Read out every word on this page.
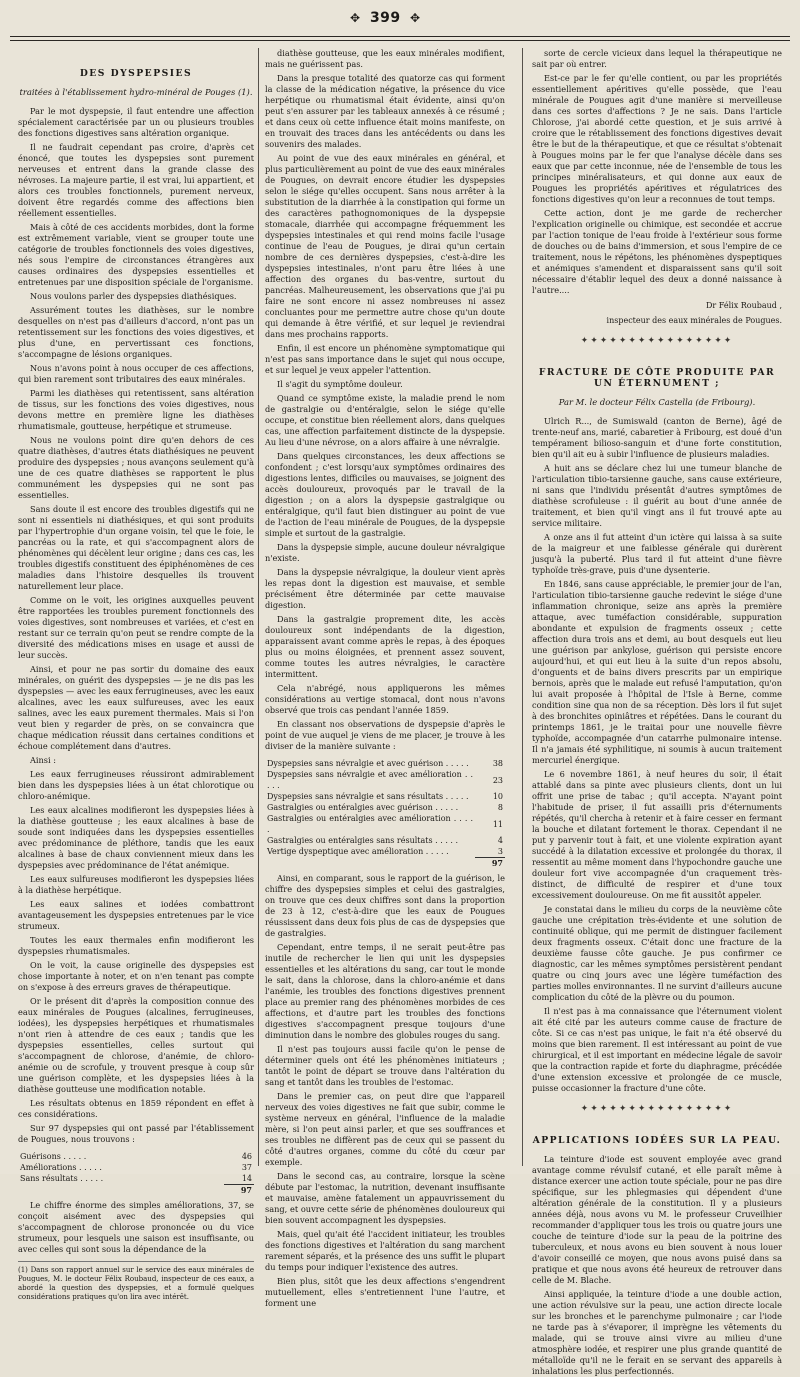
✥ 399 ✥
DES DYSPEPSIES
traitées à l'établissement hydro-minéral de Pouges (1).

Par le mot dyspepsie, il faut entendre une affection spécialement caractérisée par un ou plusieurs troubles des fonctions digestives sans altération organique.

Il ne faudrait cependant pas croire, d'après cet énoncé, que toutes les dyspepsies sont purement nerveuses et entrent dans la grande classe des névroses. La majeure partie, il est vrai, lui appartient, et alors ces troubles fonctionnels, purement nerveux, doivent être regardés comme des affections bien réellement essentielles.

Mais à côté de ces accidents morbides, dont la forme est extrêmement variable, vient se grouper toute une catégorie de troubles fonctionnels des voies digestives, nés sous l'empire de circonstances étrangères aux causes ordinaires des dyspepsies essentielles et entretenues par une disposition spéciale de l'organisme.

Nous voulons parler des dyspepsies diathésiques.

Assurément toutes les diathèses, sur le nombre desquelles on n'est pas d'ailleurs d'accord, n'ont pas un retentissement sur les fonctions des voies digestives, et plus d'une, en pervertissant ces fonctions, s'accompagne de lésions organiques.

Nous n'avons point à nous occuper de ces affections, qui bien rarement sont tributaires des eaux minérales.

Parmi les diathèses qui retentissent, sans altération de tissus, sur les fonctions des voies digestives, nous devons mettre en première ligne les diathèses rhumatismale, goutteuse, herpétique et strumeuse.

Nous ne voulons point dire qu'en dehors de ces quatre diathèses, d'autres états diathésiques ne peuvent produire des dyspepsies ; nous avançons seulement qu'à une de ces quatre diathèses se rapportent le plus communément les dyspepsies qui ne sont pas essentielles.

Sans doute il est encore des troubles digestifs qui ne sont ni essentiels ni diathésiques, et qui sont produits par l'hypertrophie d'un organe voisin, tel que le foie, le pancréas ou la rate, et qui s'accompagnent alors de phénomènes qui décèlent leur origine ; dans ces cas, les troubles digestifs constituent des épiphénomènes de ces maladies dans l'histoire desquelles ils trouvent naturellement leur place.

Comme on le voit, les origines auxquelles peuvent être rapportées les troubles purement fonctionnels des voies digestives, sont nombreuses et variées, et c'est en restant sur ce terrain qu'on peut se rendre compte de la diversité des médications mises en usage et aussi de leur succès.

Ainsi, et pour ne pas sortir du domaine des eaux minérales, on guérit des dyspepsies — je ne dis pas les dyspepsies — avec les eaux ferrugineuses, avec les eaux alcalines, avec les eaux sulfureuses, avec les eaux salines, avec les eaux purement thermales. Mais si l'on veut bien y regarder de près, on se convaincra que chaque médication réussit dans certaines conditions et échoue complétement dans d'autres.

Ainsi :

Les eaux ferrugineuses réussiront admirablement bien dans les dyspepsies liées à un état chlorotique ou chloro-anémique.

Les eaux alcalines modifieront les dyspepsies liées à la diathèse goutteuse ; les eaux alcalines à base de soude sont indiquées dans les dyspepsies essentielles avec prédominance de pléthore, tandis que les eaux alcalines à base de chaux conviennent mieux dans les dyspepsies avec prédominance de l'état anémique.

Les eaux sulfureuses modifieront les dyspepsies liées à la diathèse herpétique.

Les eaux salines et iodées combattront avantageusement les dyspepsies entretenues par le vice strumeux.

Toutes les eaux thermales enfin modifieront les dyspepsies rhumatismales.

On le voit, la cause originelle des dyspepsies est chose importante à noter, et on n'en tenant pas compte on s'expose à des erreurs graves de thérapeutique.

Or le présent dit d'après la composition connue des eaux minérales de Pougues (alcalines, ferrugineuses, iodées), les dyspepsies herpétiques et rhumatismales n'ont rien à attendre de ces eaux ; tandis que les dyspepsies essentielles, celles surtout qui s'accompagnent de chlorose, d'anémie, de chloro-anémie ou de scrofule, y trouvent presque à coup sûr une guérison complète, et les dyspepsies liées à la diathèse goutteuse une modification notable.

Les résultats obtenus en 1859 répondent en effet à ces considérations.

Sur 97 dyspepsies qui ont passé par l'établissement de Pougues, nous trouvons :

Guérisons . . . . .	46
Améliorations . . . . .	37
Sans résultats . . . . .	14
	97

Le chiffre énorme des simples améliorations, 37, se conçoit aisément avec des dyspepsies qui s'accompagnent de chlorose prononcée ou du vice strumeux, pour lesquels une saison est insuffisante, ou avec celles qui sont sous la dépendance de la

(1) Dans son rapport annuel sur le service des eaux minérales de Pougues, M. le docteur Félix Roubaud, inspecteur de ces eaux, a abordé la question des dyspepsies, et a formulé quelques considérations pratiques qu'on lira avec intérêt.

diathèse goutteuse, que les eaux minérales modifient, mais ne guérissent pas.

Dans la presque totalité des quatorze cas qui forment la classe de la médication négative, la présence du vice herpétique ou rhumatismal était évidente, ainsi qu'on peut s'en assurer par les tableaux annexés à ce résumé ; et dans ceux où cette influence était moins manifeste, on en trouvait des traces dans les antécédents ou dans les souvenirs des malades.

Au point de vue des eaux minérales en général, et plus particulièrement au point de vue des eaux minérales de Pougues, on devrait encore étudier les dyspepsies selon le siége qu'elles occupent. Sans nous arrêter à la substitution de la diarrhée à la constipation qui forme un des caractères pathognomoniques de la dyspepsie stomacale, diarrhée qui accompagne fréquemment les dyspepsies intestinales et qui rend moins facile l'usage continue de l'eau de Pougues, je dirai qu'un certain nombre de ces dernières dyspepsies, c'est-à-dire les dyspepsies intestinales, n'ont paru être liées à une affection des organes du bas-ventre, surtout du pancréas. Malheureusement, les observations que j'ai pu faire ne sont encore ni assez nombreuses ni assez concluantes pour me permettre autre chose qu'un doute qui demande à être vérifié, et sur lequel je reviendrai dans mes prochains rapports.

Enfin, il est encore un phénomène symptomatique qui n'est pas sans importance dans le sujet qui nous occupe, et sur lequel je veux appeler l'attention.

Il s'agit du symptôme douleur.

Quand ce symptôme existe, la maladie prend le nom de gastralgie ou d'entéralgie, selon le siége qu'elle occupe, et constitue bien réellement alors, dans quelques cas, une affection parfaitement distincte de la dyspepsie. Au lieu d'une névrose, on a alors affaire à une névralgie.

Dans quelques circonstances, les deux affections se confondent ; c'est lorsqu'aux symptômes ordinaires des digestions lentes, difficiles ou mauvaises, se joignent des accès douloureux, provoqués par le travail de la digestion ; on a alors la dyspepsie gastralgique ou entéralgique, qu'il faut bien distinguer au point de vue de l'action de l'eau minérale de Pougues, de la dyspepsie simple et surtout de la gastralgie.

Dans la dyspepsie simple, aucune douleur névralgique n'existe.

Dans la dyspepsie névralgique, la douleur vient après les repas dont la digestion est mauvaise, et semble précisément être déterminée par cette mauvaise digestion.

Dans la gastralgie proprement dite, les accès douloureux sont indépendants de la digestion, apparaissent avant comme après le repas, à des époques plus ou moins éloignées, et prennent assez souvent, comme toutes les autres névralgies, le caractère intermittent.

Cela n'abrégé, nous appliquerons les mêmes considérations au vertige stomacal, dont nous n'avons observé que trois cas pendant l'année 1859.

En classant nos observations de dyspepsie d'après le point de vue auquel je viens de me placer, je trouve à les diviser de la manière suivante :

Dyspepsies sans névralgie et avec guérison . . . . .	38
Dyspepsies sans névralgie et avec amélioration . . . . .	23
Dyspepsies sans névralgie et sans résultats . . . . .	10
Gastralgies ou entéralgies avec guérison . . . . .	8
Gastralgies ou entéralgies avec amélioration . . . . .	11
Gastralgies ou entéralgies sans résultats . . . . .	4
Vertige dyspeptique avec amélioration . . . . .	3
	97

Ainsi, en comparant, sous le rapport de la guérison, le chiffre des dyspepsies simples et celui des gastralgies, on trouve que ces deux chiffres sont dans la proportion de 23 à 12, c'est-à-dire que les eaux de Pougues réussissent dans deux fois plus de cas de dyspepsies que de gastralgies.

Cependant, entre temps, il ne serait peut-être pas inutile de rechercher le lien qui unit les dyspepsies essentielles et les altérations du sang, car tout le monde le sait, dans la chlorose, dans la chloro-anémie et dans l'anémie, les troubles des fonctions digestives prennent place au premier rang des phénomènes morbides de ces affections, et d'autre part les troubles des fonctions digestives s'accompagnent presque toujours d'une diminution dans le nombre des globules rouges du sang.

Il n'est pas toujours aussi facile qu'on le pense de déterminer quels ont été les phénomènes initiateurs ; tantôt le point de départ se trouve dans l'altération du sang et tantôt dans les troubles de l'estomac.

Dans le premier cas, on peut dire que l'appareil nerveux des voies digestives ne fait que subir, comme le système nerveux en général, l'influence de la maladie mère, si l'on peut ainsi parler, et que ses souffrances et ses troubles ne diffèrent pas de ceux qui se passent du côté d'autres organes, comme du côté du cœur par exemple.

Dans le second cas, au contraire, lorsque la scène débute par l'estomac, la nutrition, devenant insuffisante et mauvaise, amène fatalement un appauvrissement du sang, et ouvre cette série de phénomènes douloureux qui bien souvent accompagnent les dyspepsies.

Mais, quel qu'ait été l'accident initiateur, les troubles des fonctions digestives et l'altération du sang marchent rarement séparés, et la présence des uns suffit le plupart du temps pour indiquer l'existence des autres.

Bien plus, sitôt que les deux affections s'engendrent mutuellement, elles s'entretiennent l'une l'autre, et forment une

sorte de cercle vicieux dans lequel la thérapeutique ne sait par où entrer.

Est-ce par le fer qu'elle contient, ou par les propriétés essentiellement apéritives qu'elle possède, que l'eau minérale de Pougues agit d'une manière si merveilleuse dans ces sortes d'affections ? Je ne sais. Dans l'article Chlorose, j'ai abordé cette question, et je suis arrivé à croire que le rétablissement des fonctions digestives devait être le but de la thérapeutique, et que ce résultat s'obtenait à Pougues moins par le fer que l'analyse décèle dans ses eaux que par cette inconnue, née de l'ensemble de tous les principes minéralisateurs, et qui donne aux eaux de Pougues les propriétés apéritives et régulatrices des fonctions digestives qu'on leur a reconnues de tout temps.

Cette action, dont je me garde de rechercher l'explication originelle ou chimique, est secondée et accrue par l'action tonique de l'eau froide à l'extérieur sous forme de douches ou de bains d'immersion, et sous l'empire de ce traitement, nous le répétons, les phénomènes dyspeptiques et anémiques s'amendent et disparaissent sans qu'il soit nécessaire d'établir lequel des deux a donné naissance à l'autre....

Dr Félix Roubaud ,
inspecteur des eaux minérales de Pougues.
✦✦✦✦✦✦✦✦✦✦✦✦✦✦✦✦
FRACTURE DE CÔTE PRODUITE PAR UN ÉTERNUMENT ;
Par M. le docteur Félix Castella (de Fribourg).

Ulrich R..., de Sumiswald (canton de Berne), âgé de trente-neuf ans, marié, cabaretier à Fribourg, est doué d'un tempérament bilioso-sanguin et d'une forte constitution, bien qu'il ait eu à subir l'influence de plusieurs maladies.

A huit ans se déclare chez lui une tumeur blanche de l'articulation tibio-tarsienne gauche, sans cause extérieure, ni sans que l'individu présentât d'autres symptômes de diathèse scrofuleuse : il guérit au bout d'une année de traitement, et bien qu'il vingt ans il fut trouvé apte au service militaire.

A onze ans il fut atteint d'un ictère qui laissa à sa suite de la maigreur et une faiblesse générale qui durèrent jusqu'à la puberté. Plus tard il fut atteint d'une fièvre typhoïde très-grave, puis d'une dysenterie.

En 1846, sans cause appréciable, le premier jour de l'an, l'articulation tibio-tarsienne gauche redevint le siége d'une inflammation chronique, seize ans après la première attaque, avec tuméfaction considérable, suppuration abondante et expulsion de fragments osseux ; cette affection dura trois ans et demi, au bout desquels eut lieu une guérison par ankylose, guérison qui persiste encore aujourd'hui, et qui eut lieu à la suite d'un repos absolu, d'onguents et de bains divers prescrits par un empirique bernois, après que le malade eut refusé l'amputation, qu'on lui avait proposée à l'hôpital de l'Isle à Berne, comme condition sine qua non de sa réception. Dès lors il fut sujet à des bronchites opiniâtres et répétées. Dans le courant du printemps 1861, je le traitai pour une nouvelle fièvre typhoïde, accompagnée d'un catarrhe pulmonaire intense. Il n'a jamais été syphilitique, ni soumis à aucun traitement mercuriel énergique.

Le 6 novembre 1861, à neuf heures du soir, il était attablé dans sa pinte avec plusieurs clients, dont un lui offrit une prise de tabac ; qu'il accepta. N'ayant point l'habitude de priser, il fut assailli pris d'éternuments répétés, qu'il chercha à retenir et à faire cesser en fermant la bouche et dilatant fortement le thorax. Cependant il ne put y parvenir tout à fait, et une violente expiration ayant succédé à la dilatation excessive et prolongée du thorax, il ressentit au même moment dans l'hypochondre gauche une douleur fort vive accompagnée d'un craquement très-distinct, de difficulté de respirer et d'une toux excessivement douloureuse. On me fit aussitôt appeler.

Je constatai dans le milieu du corps de la neuvième côte gauche une crépitation très-évidente et une solution de continuité oblique, qui me permit de distinguer facilement deux fragments osseux. C'était donc une fracture de la deuxième fausse côte gauche. Je pus confirmer ce diagnostic, car les mêmes symptômes persistèrent pendant quatre ou cinq jours avec une légère tuméfaction des parties molles environnantes. Il ne survint d'ailleurs aucune complication du côté de la plèvre ou du poumon.

Il n'est pas à ma connaissance que l'éternument violent ait été cité par les auteurs comme cause de fracture de côte. Si ce cas n'est pas unique, le fait n'a été observé du moins que bien rarement. Il est intéressant au point de vue chirurgical, et il est important en médecine légale de savoir que la contraction rapide et forte du diaphragme, précédée d'une extension excessive et prolongée de ce muscle, puisse occasionner la fracture d'une côte.

✦✦✦✦✦✦✦✦✦✦✦✦✦✦✦✦
APPLICATIONS IODÉES SUR LA PEAU.

La teinture d'iode est souvent employée avec grand avantage comme révulsif cutané, et elle paraît même à distance exercer une action toute spéciale, pour ne pas dire spécifique, sur les phlegmasies qui dépendent d'une altération générale de la constitution. Il y a plusieurs années déjà, nous avons vu M. le professeur Cruveilhier recommander d'appliquer tous les trois ou quatre jours une couche de teinture d'iode sur la peau de la poitrine des tuberculeux, et nous avons eu bien souvent à nous louer d'avoir conseillé ce moyen, que nous avons puisé dans sa pratique et que nous avons été heureux de retrouver dans celle de M. Blache.

Ainsi appliquée, la teinture d'iode a une double action, une action révulsive sur la peau, une action directe locale sur les bronches et le parenchyme pulmonaire ; car l'iode ne tarde pas à s'évaporer, il imprègne les vêtements du malade, qui se trouve ainsi vivre au milieu d'une atmosphère iodée, et respirer une plus grande quantité de métalloïde qu'il ne le ferait en se servant des appareils à inhalations les plus perfectionnés.
